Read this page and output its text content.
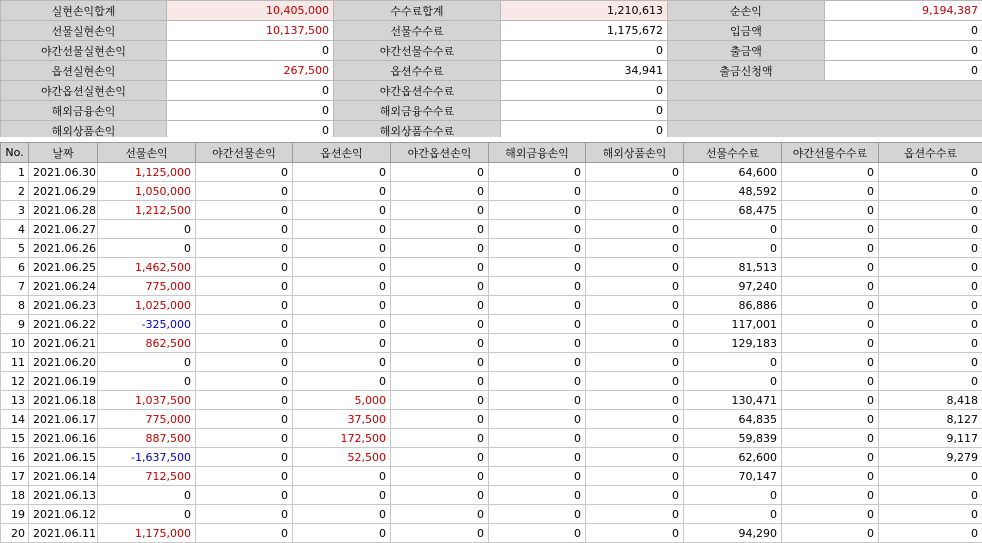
실현손익합계	10,405,000	수수료합계	1,210,613	순손익	9,194,387
선물실현손익	10,137,500	선물수수료	1,175,672	입금액	0
야간선물실현손익	0	야간선물수수료	0	출금액	0
옵션실현손익	267,500	옵션수수료	34,941	출금신청액	0
야간옵션실현손익	0	야간옵션수수료	0		
해외금융손익	0	해외금융수수료	0		
해외상품손익	0	해외상품수수료	0		
No.	날짜	선물손익	야간선물손익	옵션손익	야간옵션손익	해외금융손익	해외상품손익	선물수수료	야간선물수수료	옵션수수료
1	2021.06.30	1,125,000	0	0	0	0	0	64,600	0	0
2	2021.06.29	1,050,000	0	0	0	0	0	48,592	0	0
3	2021.06.28	1,212,500	0	0	0	0	0	68,475	0	0
4	2021.06.27	0	0	0	0	0	0	0	0	0
5	2021.06.26	0	0	0	0	0	0	0	0	0
6	2021.06.25	1,462,500	0	0	0	0	0	81,513	0	0
7	2021.06.24	775,000	0	0	0	0	0	97,240	0	0
8	2021.06.23	1,025,000	0	0	0	0	0	86,886	0	0
9	2021.06.22	-325,000	0	0	0	0	0	117,001	0	0
10	2021.06.21	862,500	0	0	0	0	0	129,183	0	0
11	2021.06.20	0	0	0	0	0	0	0	0	0
12	2021.06.19	0	0	0	0	0	0	0	0	0
13	2021.06.18	1,037,500	0	5,000	0	0	0	130,471	0	8,418
14	2021.06.17	775,000	0	37,500	0	0	0	64,835	0	8,127
15	2021.06.16	887,500	0	172,500	0	0	0	59,839	0	9,117
16	2021.06.15	-1,637,500	0	52,500	0	0	0	62,600	0	9,279
17	2021.06.14	712,500	0	0	0	0	0	70,147	0	0
18	2021.06.13	0	0	0	0	0	0	0	0	0
19	2021.06.12	0	0	0	0	0	0	0	0	0
20	2021.06.11	1,175,000	0	0	0	0	0	94,290	0	0
